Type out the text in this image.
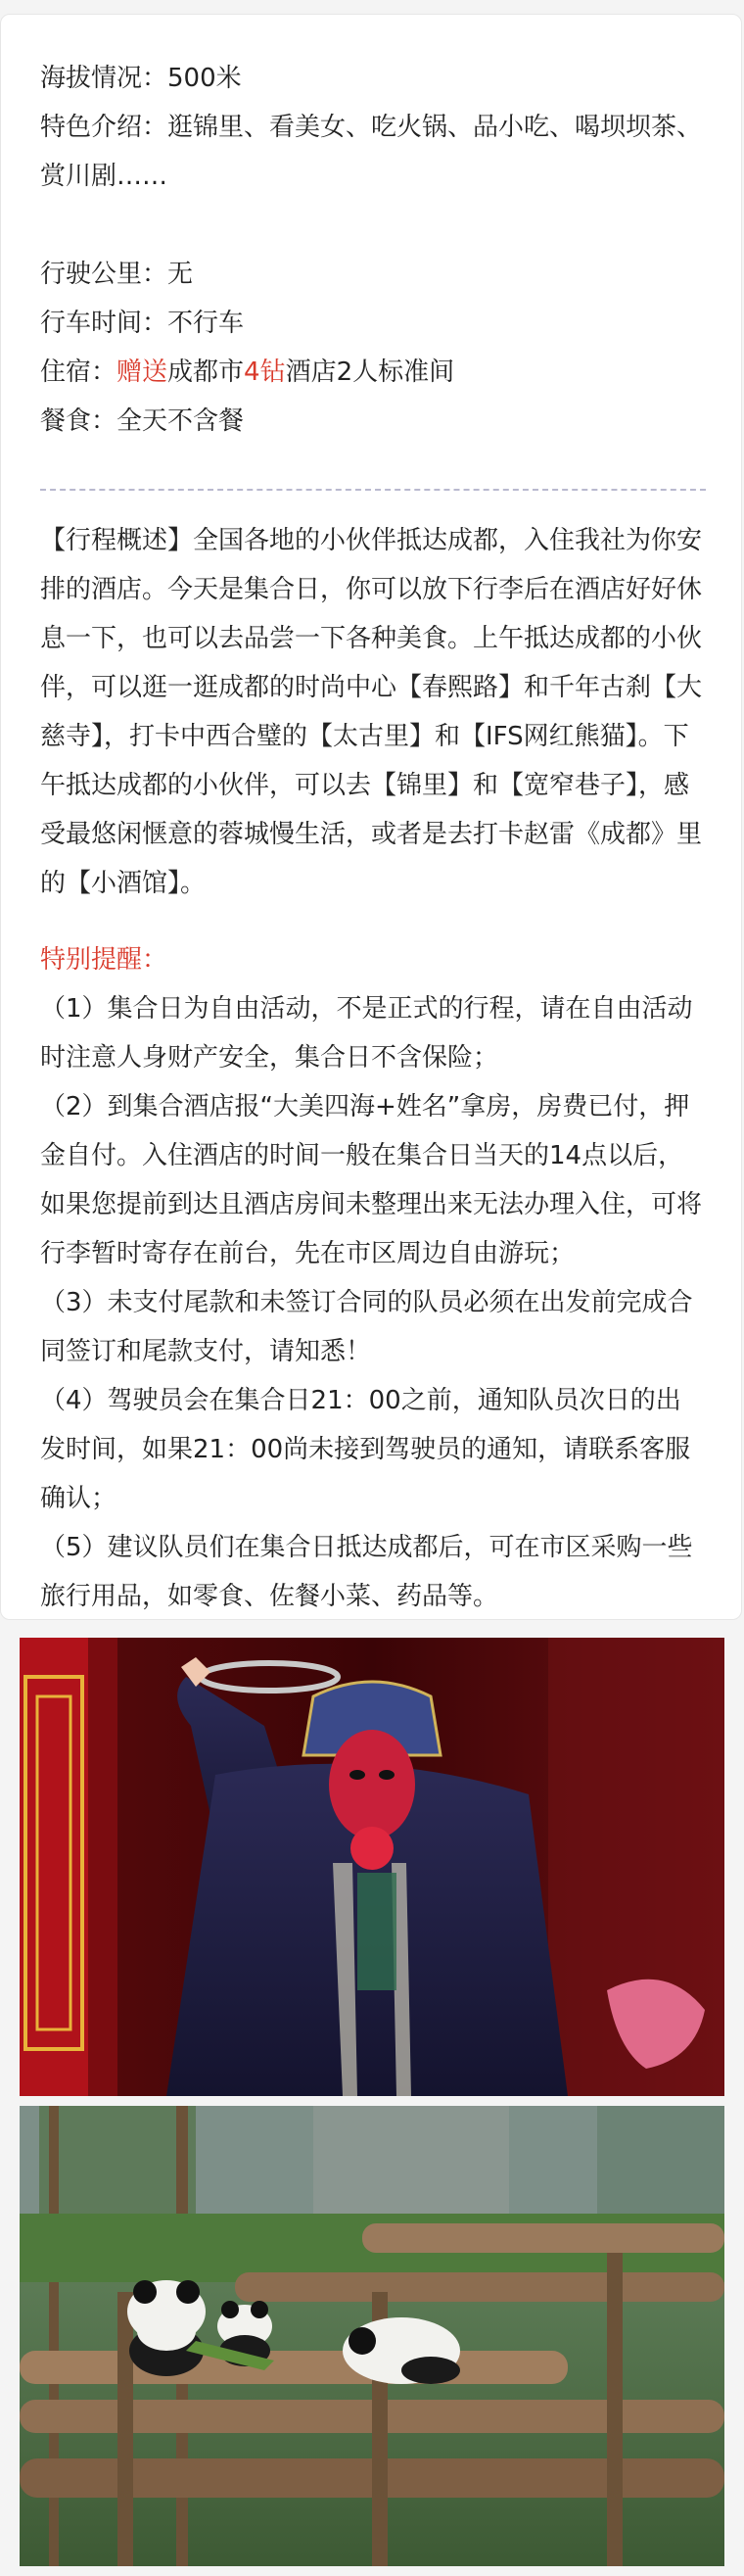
海拔情况：500米
特色介绍：逛锦里、看美女、吃火锅、品小吃、喝坝坝茶、赏川剧……
行驶公里：无
行车时间：不行车
住宿：赠送成都市4钻酒店2人标准间
餐食：全天不含餐
【行程概述】全国各地的小伙伴抵达成都，入住我社为你安排的酒店。今天是集合日，你可以放下行李后在酒店好好休息一下，也可以去品尝一下各种美食。上午抵达成都的小伙伴，可以逛一逛成都的时尚中心【春熙路】和千年古刹【大慈寺】，打卡中西合璧的【太古里】和【IFS网红熊猫】。下午抵达成都的小伙伴，可以去【锦里】和【宽窄巷子】，感受最悠闲惬意的蓉城慢生活，或者是去打卡赵雷《成都》里的【小酒馆】。
特别提醒：
（1）集合日为自由活动，不是正式的行程，请在自由活动时注意人身财产安全，集合日不含保险；
（2）到集合酒店报“大美四海+姓名”拿房，房费已付，押金自付。入住酒店的时间一般在集合日当天的14点以后，如果您提前到达且酒店房间未整理出来无法办理入住，可将行李暂时寄存在前台，先在市区周边自由游玩；
（3）未支付尾款和未签订合同的队员必须在出发前完成合同签订和尾款支付，请知悉！
（4）驾驶员会在集合日21：00之前，通知队员次日的出发时间，如果21：00尚未接到驾驶员的通知，请联系客服确认；
（5）建议队员们在集合日抵达成都后，可在市区采购一些旅行用品，如零食、佐餐小菜、药品等。
